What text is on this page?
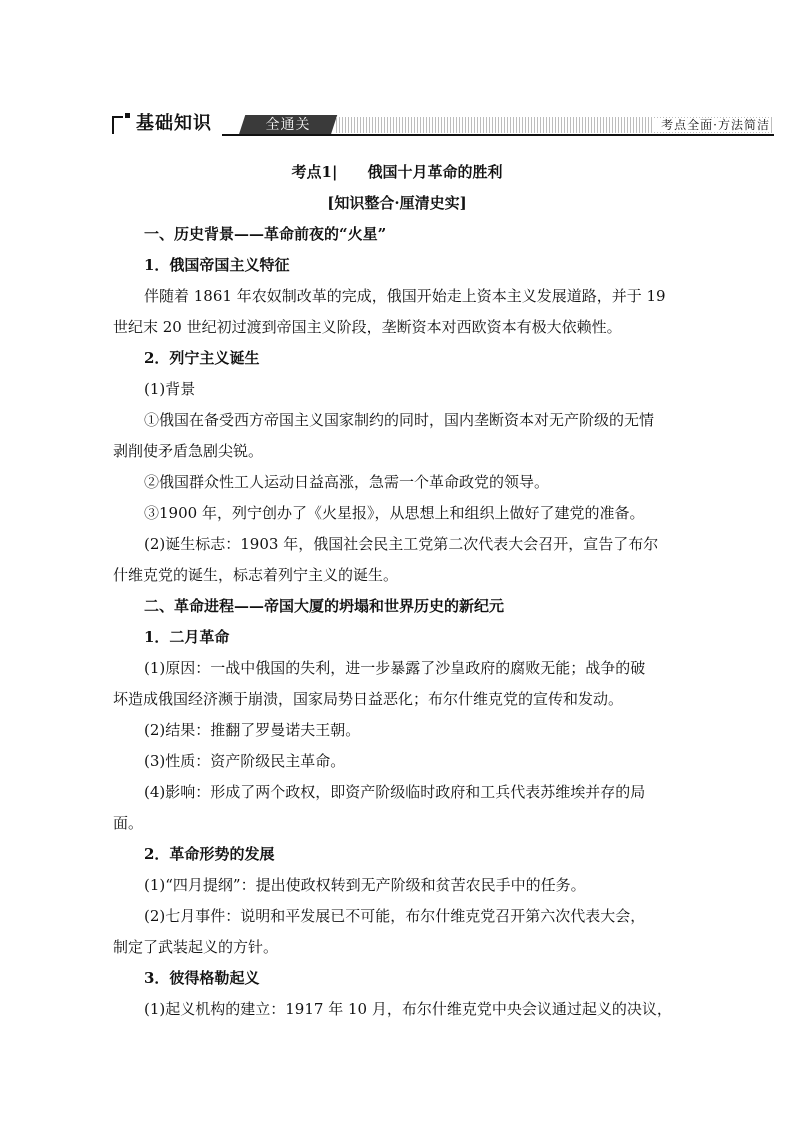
基础知识	全通关	考点全面·方法简洁
考点1|　　俄国十月革命的胜利
[知识整合·厘清史实]
一、历史背景——革命前夜的“火星”
1．俄国帝国主义特征
伴随着 1861 年农奴制改革的完成，俄国开始走上资本主义发展道路，并于 19
世纪末 20 世纪初过渡到帝国主义阶段，垄断资本对西欧资本有极大依赖性。
2．列宁主义诞生
(1)背景
①俄国在备受西方帝国主义国家制约的同时，国内垄断资本对无产阶级的无情
剥削使矛盾急剧尖锐。
②俄国群众性工人运动日益高涨，急需一个革命政党的领导。
③1900 年，列宁创办了《火星报》，从思想上和组织上做好了建党的准备。
(2)诞生标志：1903 年，俄国社会民主工党第二次代表大会召开，宣告了布尔
什维克党的诞生，标志着列宁主义的诞生。
二、革命进程——帝国大厦的坍塌和世界历史的新纪元
1．二月革命
(1)原因：一战中俄国的失利，进一步暴露了沙皇政府的腐败无能；战争的破
坏造成俄国经济濒于崩溃，国家局势日益恶化；布尔什维克党的宣传和发动。
(2)结果：推翻了罗曼诺夫王朝。
(3)性质：资产阶级民主革命。
(4)影响：形成了两个政权，即资产阶级临时政府和工兵代表苏维埃并存的局
面。
2．革命形势的发展
(1)“四月提纲”：提出使政权转到无产阶级和贫苦农民手中的任务。
(2)七月事件：说明和平发展已不可能，布尔什维克党召开第六次代表大会，
制定了武装起义的方针。
3．彼得格勒起义
(1)起义机构的建立：1917 年 10 月，布尔什维克党中央会议通过起义的决议，
